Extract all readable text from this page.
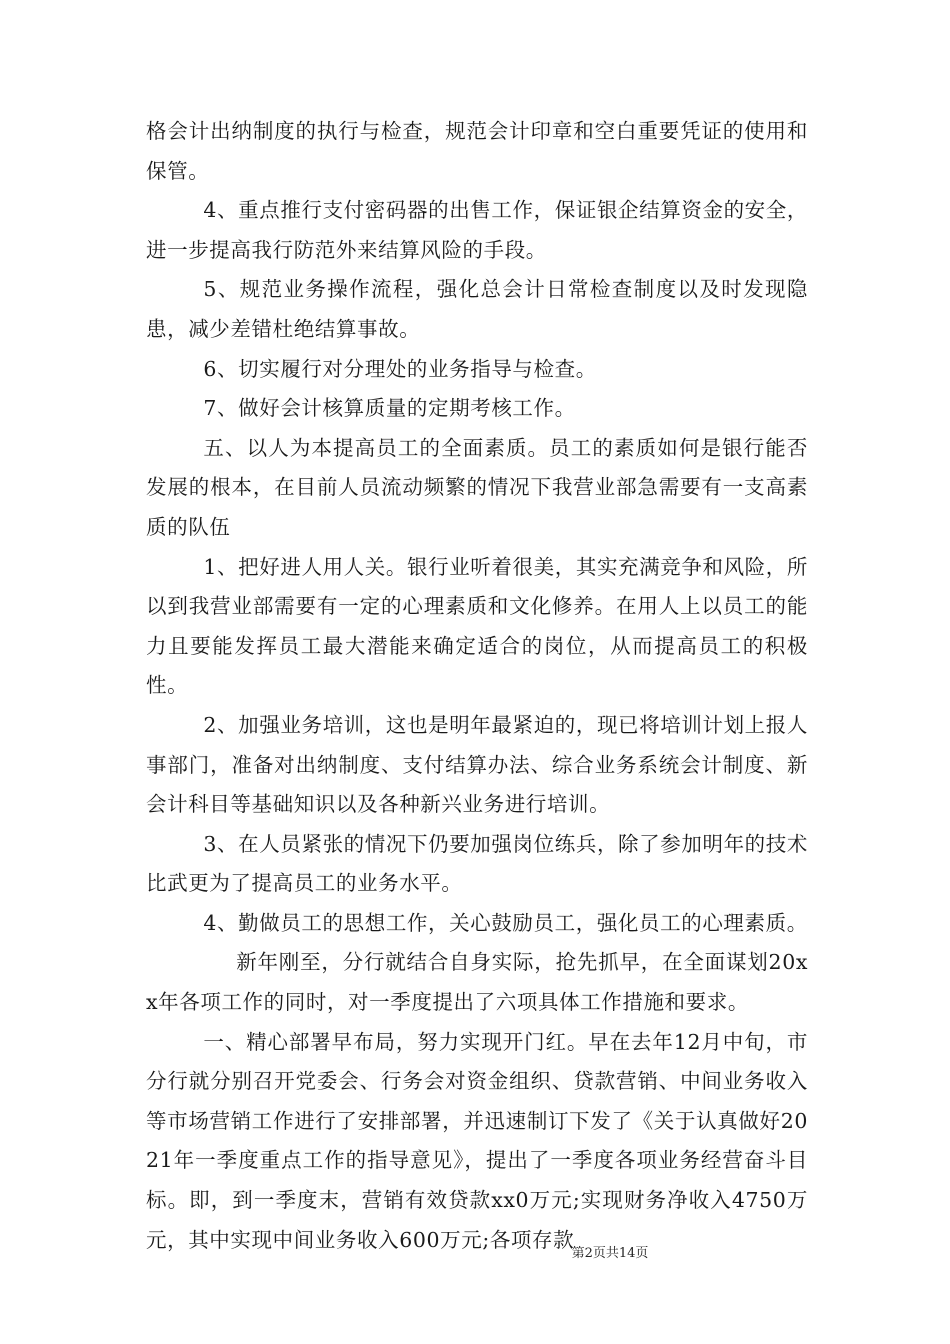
格会计出纳制度的执行与检查，规范会计印章和空白重要凭证的使用和保管。

4、重点推行支付密码器的出售工作，保证银企结算资金的安全，进一步提高我行防范外来结算风险的手段。

5、规范业务操作流程，强化总会计日常检查制度以及时发现隐患，减少差错杜绝结算事故。

6、切实履行对分理处的业务指导与检查。

7、做好会计核算质量的定期考核工作。

五、以人为本提高员工的全面素质。员工的素质如何是银行能否发展的根本，在目前人员流动频繁的情况下我营业部急需要有一支高素质的队伍

1、把好进人用人关。银行业听着很美，其实充满竞争和风险，所以到我营业部需要有一定的心理素质和文化修养。在用人上以员工的能力且要能发挥员工最大潜能来确定适合的岗位，从而提高员工的积极性。

2、加强业务培训，这也是明年最紧迫的，现已将培训计划上报人事部门，准备对出纳制度、支付结算办法、综合业务系统会计制度、新会计科目等基础知识以及各种新兴业务进行培训。

3、在人员紧张的情况下仍要加强岗位练兵，除了参加明年的技术比武更为了提高员工的业务水平。

4、勤做员工的思想工作，关心鼓励员工，强化员工的心理素质。

新年刚至，分行就结合自身实际，抢先抓早，在全面谋划20xx年各项工作的同时，对一季度提出了六项具体工作措施和要求。

一、精心部署早布局，努力实现开门红。早在去年12月中旬，市分行就分别召开党委会、行务会对资金组织、贷款营销、中间业务收入等市场营销工作进行了安排部署，并迅速制订下发了《关于认真做好2021年一季度重点工作的指导意见》，提出了一季度各项业务经营奋斗目标。即，到一季度末，营销有效贷款xx0万元;实现财务净收入4750万元，其中实现中间业务收入600万元;各项存款

第2页共14页
